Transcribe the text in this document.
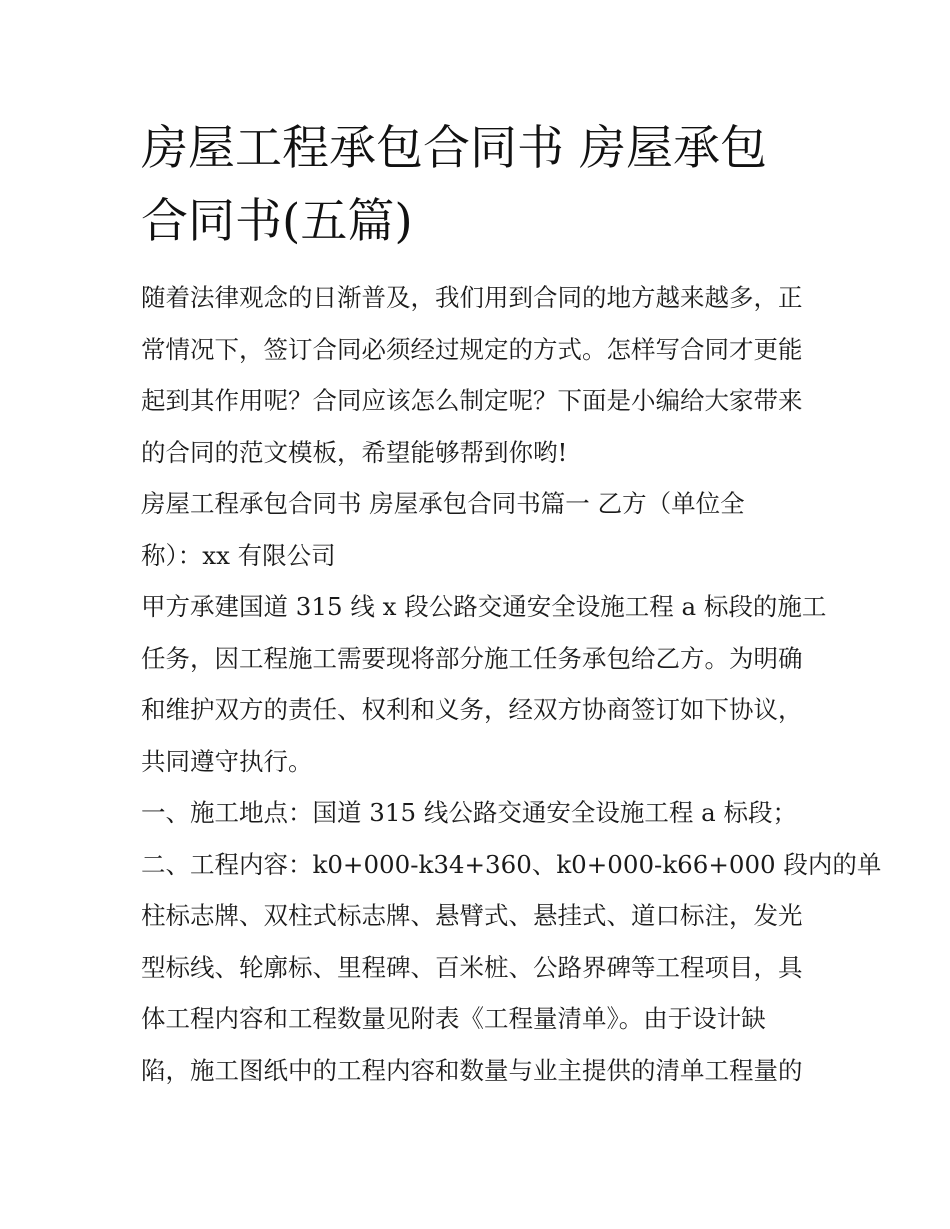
房屋工程承包合同书 房屋承包
合同书(五篇)
随着法律观念的日渐普及，我们用到合同的地方越来越多，正
常情况下，签订合同必须经过规定的方式。怎样写合同才更能
起到其作用呢？合同应该怎么制定呢？下面是小编给大家带来
的合同的范文模板，希望能够帮到你哟!
房屋工程承包合同书 房屋承包合同书篇一 乙方（单位全
称）：xx 有限公司
甲方承建国道 315 线 x 段公路交通安全设施工程 a 标段的施工
任务，因工程施工需要现将部分施工任务承包给乙方。为明确
和维护双方的责任、权利和义务，经双方协商签订如下协议，
共同遵守执行。
一、施工地点：国道 315 线公路交通安全设施工程 a 标段；
二、工程内容：k0+000-k34+360、k0+000-k66+000 段内的单
柱标志牌、双柱式标志牌、悬臂式、悬挂式、道口标注，发光
型标线、轮廓标、里程碑、百米桩、公路界碑等工程项目，具
体工程内容和工程数量见附表《工程量清单》。由于设计缺
陷，施工图纸中的工程内容和数量与业主提供的清单工程量的
